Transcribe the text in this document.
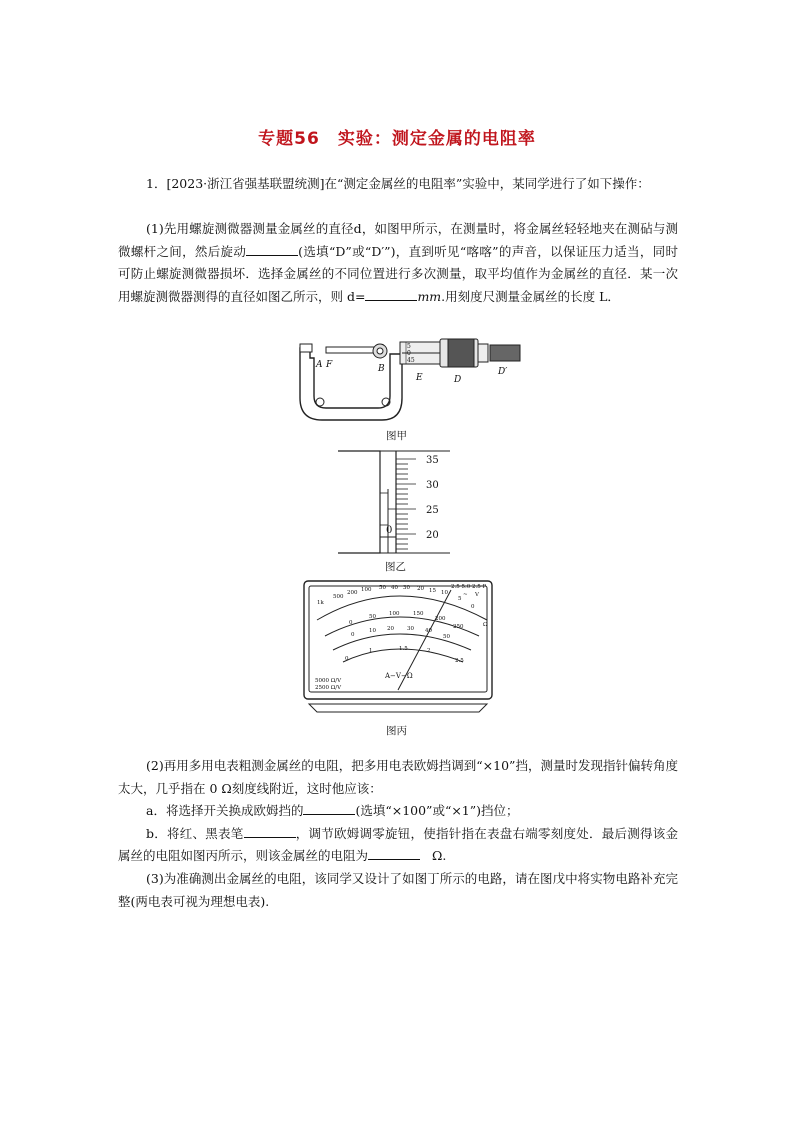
专题56　实验：测定金属的电阻率
1．[2023·浙江省强基联盟统测]在“测定金属丝的电阻率”实验中，某同学进行了如下操作：
(1)先用螺旋测微器测量金属丝的直径d，如图甲所示，在测量时，将金属丝轻轻地夹在测砧与测微螺杆之间，然后旋动	(选填“D”或“D′”)，直到听见“喀喀”的声音，以保证压力适当，同时可防止螺旋测微器损坏．选择金属丝的不同位置进行多次测量，取平均值作为金属丝的直径．某一次用螺旋测微器测得的直径如图乙所示，则 d=	mm.用刻度尺测量金属丝的长度 L．
A F	B
E	D
D′
5
0
45
图甲
35
30
25
20
0
图乙
1k
500
200 100 50 40 30 20 15 10
5
0
2.5 5.0 2.5 P
0
50 100 150
200
250
0
10 20 30 40
50
0
1	1.5	2
2.5
Ω
~ V
5000 Ω/V
2500 Ω/V
A−V−Ω
图丙
(2)再用多用电表粗测金属丝的电阻，把多用电表欧姆挡调到“×10”挡，测量时发现指针偏转角度太大，几乎指在 0 Ω刻度线附近，这时他应该：
a．将选择开关换成欧姆挡的	(选填“×100”或“×1”)挡位；
b．将红、黑表笔	，调节欧姆调零旋钮，使指针指在表盘右端零刻度处．最后测得该金属丝的电阻如图丙所示，则该金属丝的电阻为	Ω.
(3)为准确测出金属丝的电阻，该同学又设计了如图丁所示的电路，请在图戊中将实物电路补充完整(两电表可视为理想电表).
